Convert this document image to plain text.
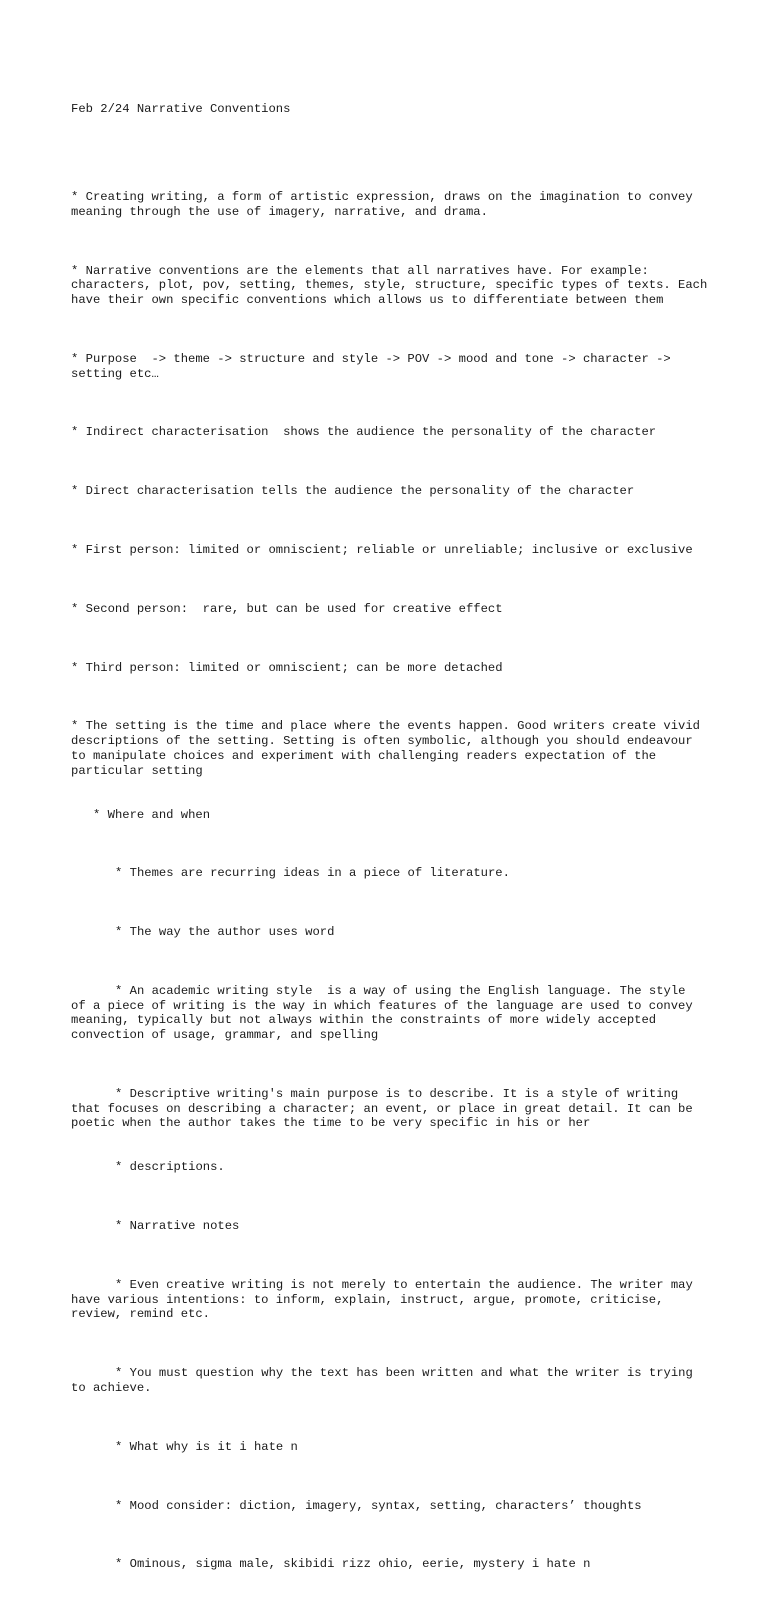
Feb 2/24 Narrative Conventions

* Creating writing, a form of artistic expression, draws on the imagination to convey meaning through the use of imagery, narrative, and drama.

* Narrative conventions are the elements that all narratives have. For example: characters, plot, pov, setting, themes, style, structure, specific types of texts. Each have their own specific conventions which allows us to differentiate between them

* Purpose  -> theme -> structure and style -> POV -> mood and tone -> character -> setting etc…

* Indirect characterisation  shows the audience the personality of the character

* Direct characterisation tells the audience the personality of the character

* First person: limited or omniscient; reliable or unreliable; inclusive or exclusive

* Second person:  rare, but can be used for creative effect

* Third person: limited or omniscient; can be more detached

* The setting is the time and place where the events happen. Good writers create vivid descriptions of the setting. Setting is often symbolic, although you should endeavour to manipulate choices and experiment with challenging readers expectation of the particular setting

* Where and when

* Themes are recurring ideas in a piece of literature.

* The way the author uses word

* An academic writing style  is a way of using the English language. The style  of a piece of writing is the way in which features of the language are used to convey meaning, typically but not always within the constraints of more widely accepted convection of usage, grammar, and spelling

* Descriptive writing's main purpose is to describe. It is a style of writing that focuses on describing a character; an event, or place in great detail. It can be poetic when the author takes the time to be very specific in his or her

* descriptions.

* Narrative notes

* Even creative writing is not merely to entertain the audience. The writer may have various intentions: to inform, explain, instruct, argue, promote, criticise, review, remind etc.

* You must question why the text has been written and what the writer is trying to achieve.

* What why is it i hate n

* Mood consider: diction, imagery, syntax, setting, characters’ thoughts

* Ominous, sigma male, skibidi rizz ohio, eerie, mystery i hate n
